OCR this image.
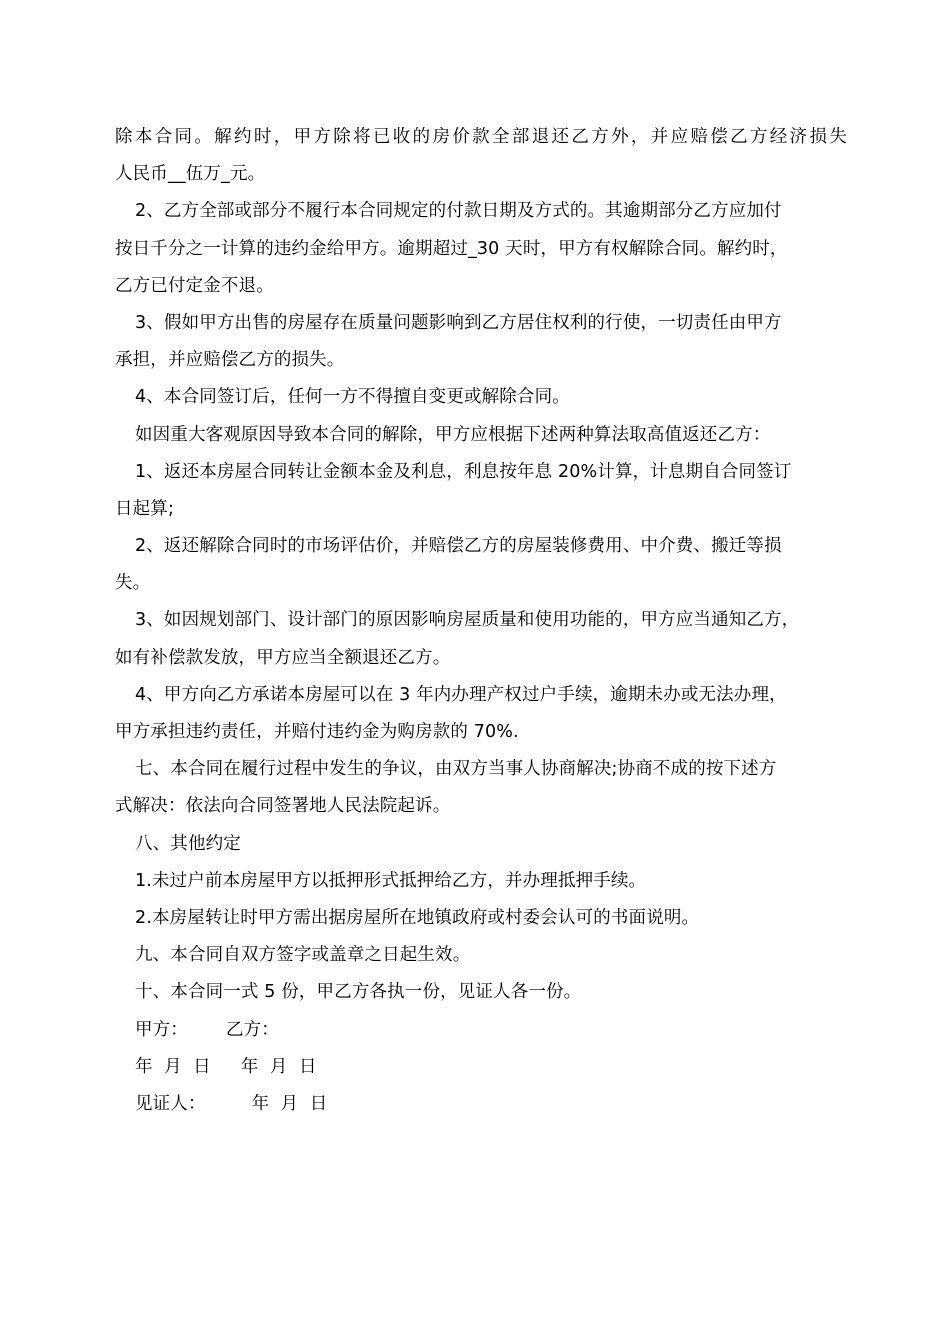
除本合同。解约时，甲方除将已收的房价款全部退还乙方外，并应赔偿乙方经济损失
人民币__伍万_元。
2、乙方全部或部分不履行本合同规定的付款日期及方式的。其逾期部分乙方应加付
按日千分之一计算的违约金给甲方。逾期超过_30 天时，甲方有权解除合同。解约时，
乙方已付定金不退。
3、假如甲方出售的房屋存在质量问题影响到乙方居住权利的行使，一切责任由甲方
承担，并应赔偿乙方的损失。
4、本合同签订后，任何一方不得擅自变更或解除合同。
如因重大客观原因导致本合同的解除，甲方应根据下述两种算法取高值返还乙方：
1、返还本房屋合同转让金额本金及利息，利息按年息 20%计算，计息期自合同签订
日起算;
2、返还解除合同时的市场评估价，并赔偿乙方的房屋装修费用、中介费、搬迁等损
失。
3、如因规划部门、设计部门的原因影响房屋质量和使用功能的，甲方应当通知乙方，
如有补偿款发放，甲方应当全额退还乙方。
4、甲方向乙方承诺本房屋可以在 3 年内办理产权过户手续，逾期未办或无法办理，
甲方承担违约责任，并赔付违约金为购房款的 70%.
七、本合同在履行过程中发生的争议，由双方当事人协商解决;协商不成的按下述方
式解决：依法向合同签署地人民法院起诉。
八、其他约定
1.未过户前本房屋甲方以抵押形式抵押给乙方，并办理抵押手续。
2.本房屋转让时甲方需出据房屋所在地镇政府或村委会认可的书面说明。
九、本合同自双方签字或盖章之日起生效。
十、本合同一式 5 份，甲乙方各执一份，见证人各一份。
甲方： 乙方：
年  月  日 年  月  日
见证人：	年  月  日
